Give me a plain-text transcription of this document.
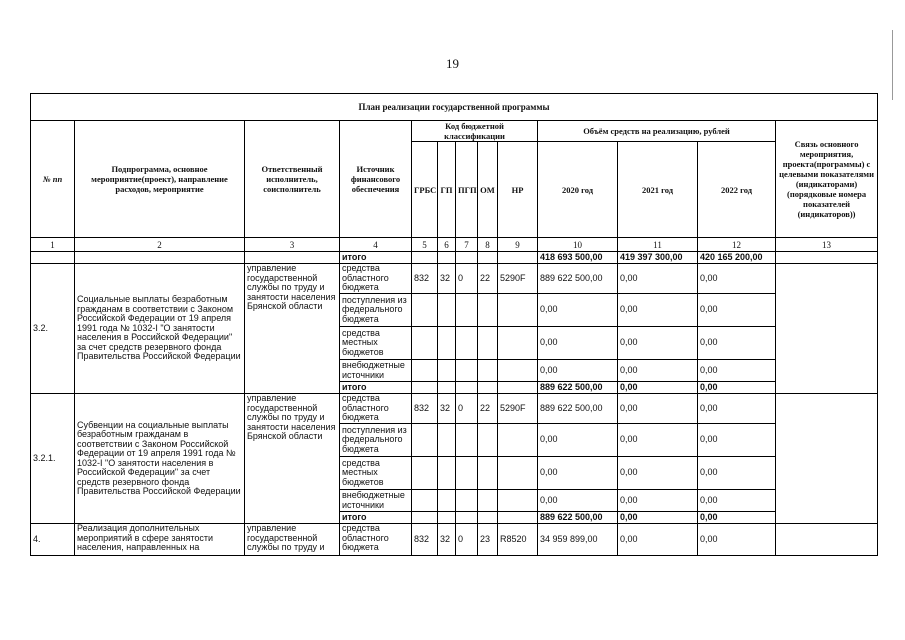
19
План реализации государственной программы												
№ пп	Подпрограмма, основное мероприятие(проект), направление расходов, мероприятие	Ответственный исполнитель, соисполнитель	Источник финансового обеспечения	Код бюджетной классификации					Объём средств на реализацию, рублей			Связь основного мероприятия, проекта(программы) с целевыми показателями (индикаторами) (порядковые номера показателей (индикаторов))
				ГРБС	ГП	ПГП	ОМ	НР	2020 год	2021 год	2022 год	
1	2	3	4	5	6	7	8	9	10	11	12	13
			итого						418 693 500,00	419 397 300,00	420 165 200,00	
3.2.	Социальные выплаты безработным гражданам в соответствии с Законом Российской Федерации от 19 апреля 1991 года № 1032-I "О занятости населения в Российской Федерации" за счет средств резервного фонда Правительства Российской Федерации	управление государственной службы по труду и занятости населения Брянской области	средства областного бюджета	832	32	0	22	5290F	889 622 500,00	0,00	0,00	
			поступления из федерального бюджета						0,00	0,00	0,00	
			средства местных бюджетов						0,00	0,00	0,00	
			внебюджетные источники						0,00	0,00	0,00	
			итого						889 622 500,00	0,00	0,00	
3.2.1.	Субвенции на социальные выплаты безработным гражданам в соответствии с Законом Российской Федерации от 19 апреля 1991 года № 1032-I "О занятости населения в Российской Федерации" за счет средств резервного фонда Правительства Российской Федерации	управление государственной службы по труду и занятости населения Брянской области	средства областного бюджета	832	32	0	22	5290F	889 622 500,00	0,00	0,00	
			поступления из федерального бюджета						0,00	0,00	0,00	
			средства местных бюджетов						0,00	0,00	0,00	
			внебюджетные источники						0,00	0,00	0,00	
			итого						889 622 500,00	0,00	0,00	
4.	Реализация дополнительных мероприятий в сфере занятости населения, направленных на	управление государственной службы по труду и	средства областного бюджета	832	32	0	23	R8520	34 959 899,00	0,00	0,00	
